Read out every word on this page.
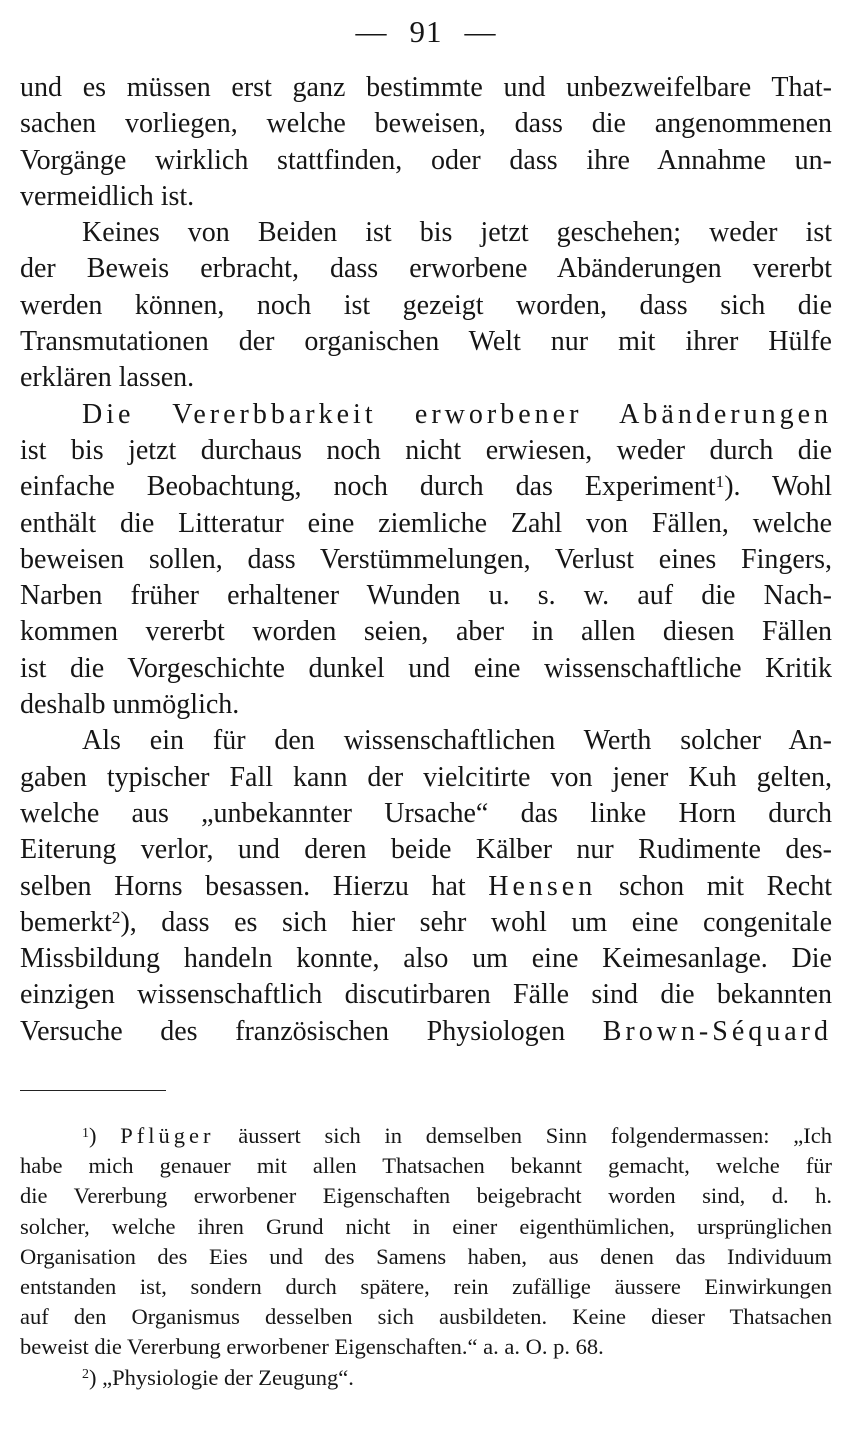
— 91 —

und es müssen erst ganz bestimmte und unbezweifelbare That-
sachen vorliegen, welche beweisen, dass die angenommenen
Vorgänge wirklich stattfinden, oder dass ihre Annahme un-
vermeidlich ist.

Keines von Beiden ist bis jetzt geschehen; weder ist
der Beweis erbracht, dass erworbene Abänderungen vererbt
werden können, noch ist gezeigt worden, dass sich die
Transmutationen der organischen Welt nur mit ihrer Hülfe
erklären lassen.

Die Vererbbarkeit erworbener Abänderungen
ist bis jetzt durchaus noch nicht erwiesen, weder durch die
einfache Beobachtung, noch durch das Experiment$^1$). Wohl
enthält die Litteratur eine ziemliche Zahl von Fällen, welche
beweisen sollen, dass Verstümmelungen, Verlust eines Fingers,
Narben früher erhaltener Wunden u. s. w. auf die Nach-
kommen vererbt worden seien, aber in allen diesen Fällen
ist die Vorgeschichte dunkel und eine wissenschaftliche Kritik
deshalb unmöglich.

Als ein für den wissenschaftlichen Werth solcher An-
gaben typischer Fall kann der vielcitirte von jener Kuh gelten,
welche aus „unbekannter Ursache“ das linke Horn durch
Eiterung verlor, und deren beide Kälber nur Rudimente des-
selben Horns besassen. Hierzu hat Hensen schon mit Recht
bemerkt$^2$), dass es sich hier sehr wohl um eine congenitale
Missbildung handeln konnte, also um eine Keimesanlage. Die
einzigen wissenschaftlich discutirbaren Fälle sind die bekannten
Versuche des französischen Physiologen Brown-Séquard

$^1$) Pflüger äussert sich in demselben Sinn folgendermassen: „Ich
habe mich genauer mit allen Thatsachen bekannt gemacht, welche für
die Vererbung erworbener Eigenschaften beigebracht worden sind, d. h.
solcher, welche ihren Grund nicht in einer eigenthümlichen, ursprünglichen
Organisation des Eies und des Samens haben, aus denen das Individuum
entstanden ist, sondern durch spätere, rein zufällige äussere Einwirkungen
auf den Organismus desselben sich ausbildeten. Keine dieser Thatsachen
beweist die Vererbung erworbener Eigenschaften.“ a. a. O. p. 68.
$^2$) „Physiologie der Zeugung“.
